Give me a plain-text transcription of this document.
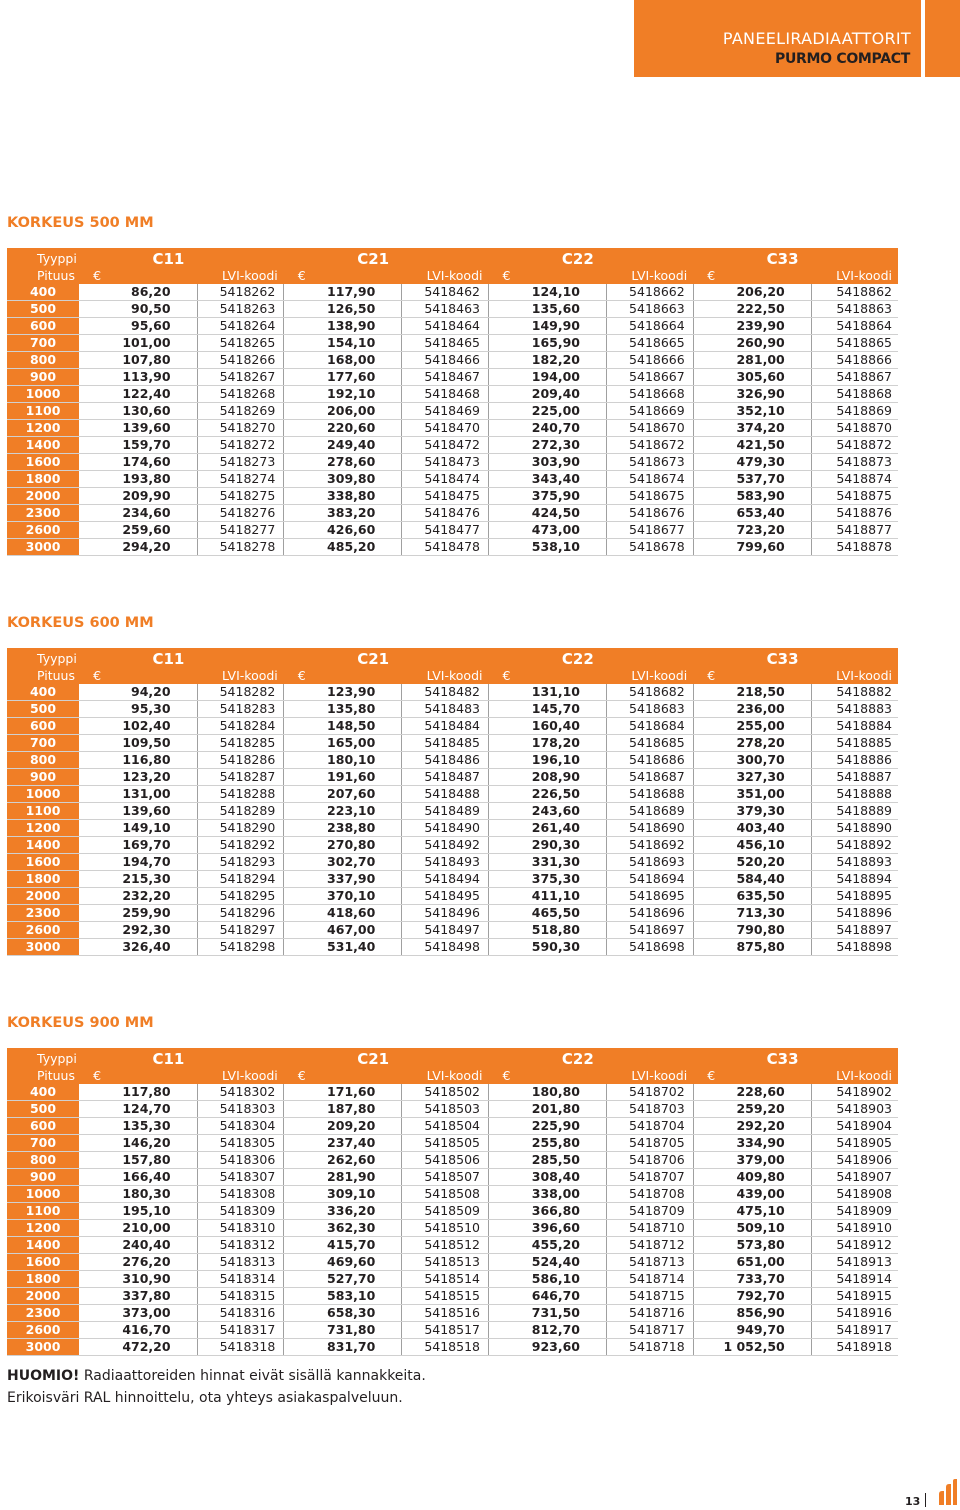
PANEELIRADIAATTORIT
PURMO COMPACT
KORKEUS 500 MM
Tyyppi	C11		C21		C22		C33	
Pituus	€	LVI-koodi	€	LVI-koodi	€	LVI-koodi	€	LVI-koodi
400	86,20	5418262	117,90	5418462	124,10	5418662	206,20	5418862
500	90,50	5418263	126,50	5418463	135,60	5418663	222,50	5418863
600	95,60	5418264	138,90	5418464	149,90	5418664	239,90	5418864
700	101,00	5418265	154,10	5418465	165,90	5418665	260,90	5418865
800	107,80	5418266	168,00	5418466	182,20	5418666	281,00	5418866
900	113,90	5418267	177,60	5418467	194,00	5418667	305,60	5418867
1000	122,40	5418268	192,10	5418468	209,40	5418668	326,90	5418868
1100	130,60	5418269	206,00	5418469	225,00	5418669	352,10	5418869
1200	139,60	5418270	220,60	5418470	240,70	5418670	374,20	5418870
1400	159,70	5418272	249,40	5418472	272,30	5418672	421,50	5418872
1600	174,60	5418273	278,60	5418473	303,90	5418673	479,30	5418873
1800	193,80	5418274	309,80	5418474	343,40	5418674	537,70	5418874
2000	209,90	5418275	338,80	5418475	375,90	5418675	583,90	5418875
2300	234,60	5418276	383,20	5418476	424,50	5418676	653,40	5418876
2600	259,60	5418277	426,60	5418477	473,00	5418677	723,20	5418877
3000	294,20	5418278	485,20	5418478	538,10	5418678	799,60	5418878
KORKEUS 600 MM
Tyyppi	C11		C21		C22		C33	
Pituus	€	LVI-koodi	€	LVI-koodi	€	LVI-koodi	€	LVI-koodi
400	94,20	5418282	123,90	5418482	131,10	5418682	218,50	5418882
500	95,30	5418283	135,80	5418483	145,70	5418683	236,00	5418883
600	102,40	5418284	148,50	5418484	160,40	5418684	255,00	5418884
700	109,50	5418285	165,00	5418485	178,20	5418685	278,20	5418885
800	116,80	5418286	180,10	5418486	196,10	5418686	300,70	5418886
900	123,20	5418287	191,60	5418487	208,90	5418687	327,30	5418887
1000	131,00	5418288	207,60	5418488	226,50	5418688	351,00	5418888
1100	139,60	5418289	223,10	5418489	243,60	5418689	379,30	5418889
1200	149,10	5418290	238,80	5418490	261,40	5418690	403,40	5418890
1400	169,70	5418292	270,80	5418492	290,30	5418692	456,10	5418892
1600	194,70	5418293	302,70	5418493	331,30	5418693	520,20	5418893
1800	215,30	5418294	337,90	5418494	375,30	5418694	584,40	5418894
2000	232,20	5418295	370,10	5418495	411,10	5418695	635,50	5418895
2300	259,90	5418296	418,60	5418496	465,50	5418696	713,30	5418896
2600	292,30	5418297	467,00	5418497	518,80	5418697	790,80	5418897
3000	326,40	5418298	531,40	5418498	590,30	5418698	875,80	5418898
KORKEUS 900 MM
Tyyppi	C11		C21		C22		C33	
Pituus	€	LVI-koodi	€	LVI-koodi	€	LVI-koodi	€	LVI-koodi
400	117,80	5418302	171,60	5418502	180,80	5418702	228,60	5418902
500	124,70	5418303	187,80	5418503	201,80	5418703	259,20	5418903
600	135,30	5418304	209,20	5418504	225,90	5418704	292,20	5418904
700	146,20	5418305	237,40	5418505	255,80	5418705	334,90	5418905
800	157,80	5418306	262,60	5418506	285,50	5418706	379,00	5418906
900	166,40	5418307	281,90	5418507	308,40	5418707	409,80	5418907
1000	180,30	5418308	309,10	5418508	338,00	5418708	439,00	5418908
1100	195,10	5418309	336,20	5418509	366,80	5418709	475,10	5418909
1200	210,00	5418310	362,30	5418510	396,60	5418710	509,10	5418910
1400	240,40	5418312	415,70	5418512	455,20	5418712	573,80	5418912
1600	276,20	5418313	469,60	5418513	524,40	5418713	651,00	5418913
1800	310,90	5418314	527,70	5418514	586,10	5418714	733,70	5418914
2000	337,80	5418315	583,10	5418515	646,70	5418715	792,70	5418915
2300	373,00	5418316	658,30	5418516	731,50	5418716	856,90	5418916
2600	416,70	5418317	731,80	5418517	812,70	5418717	949,70	5418917
3000	472,20	5418318	831,70	5418518	923,60	5418718	1 052,50	5418918
HUOMIO! Radiaattoreiden hinnat eivät sisällä kannakkeita.
Erikoisväri RAL hinnoittelu, ota yhteys asiakaspalveluun.
13
